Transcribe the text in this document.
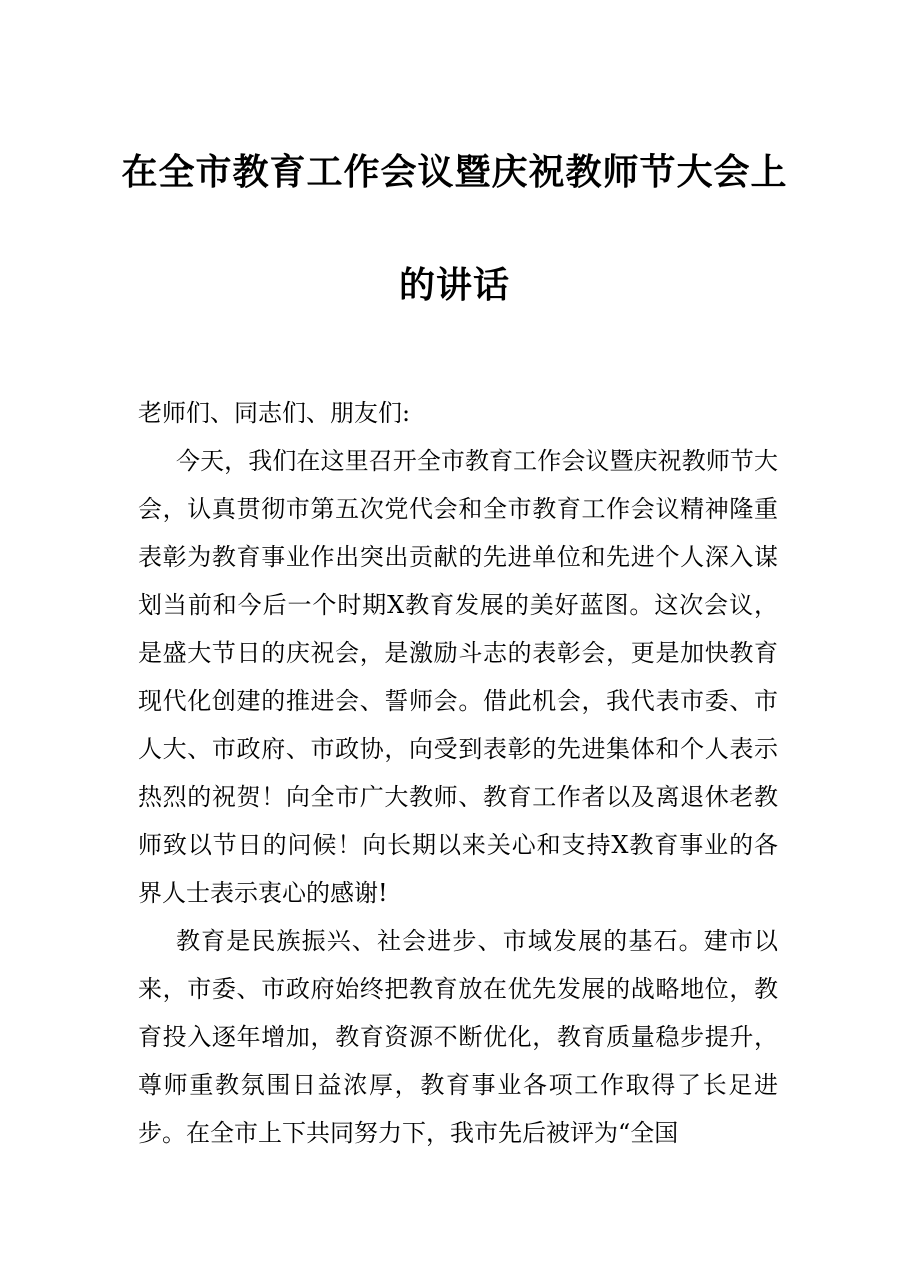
在全市教育工作会议暨庆祝教师节大会上
的讲话
老师们、同志们、朋友们:

今天，我们在这里召开全市教育工作会议暨庆祝教师节大会，认真贯彻市第五次党代会和全市教育工作会议精神隆重表彰为教育事业作出突出贡献的先进单位和先进个人深入谋划当前和今后一个时期X教育发展的美好蓝图。这次会议，是盛大节日的庆祝会，是激励斗志的表彰会，更是加快教育现代化创建的推进会、誓师会。借此机会，我代表市委、市人大、市政府、市政协，向受到表彰的先进集体和个人表示热烈的祝贺！向全市广大教师、教育工作者以及离退休老教师致以节日的问候！向长期以来关心和支持X教育事业的各界人士表示衷心的感谢!

教育是民族振兴、社会进步、市域发展的基石。建市以来，市委、市政府始终把教育放在优先发展的战略地位，教育投入逐年增加，教育资源不断优化，教育质量稳步提升，尊师重教氛围日益浓厚，教育事业各项工作取得了长足进步。在全市上下共同努力下，我市先后被评为“全国
